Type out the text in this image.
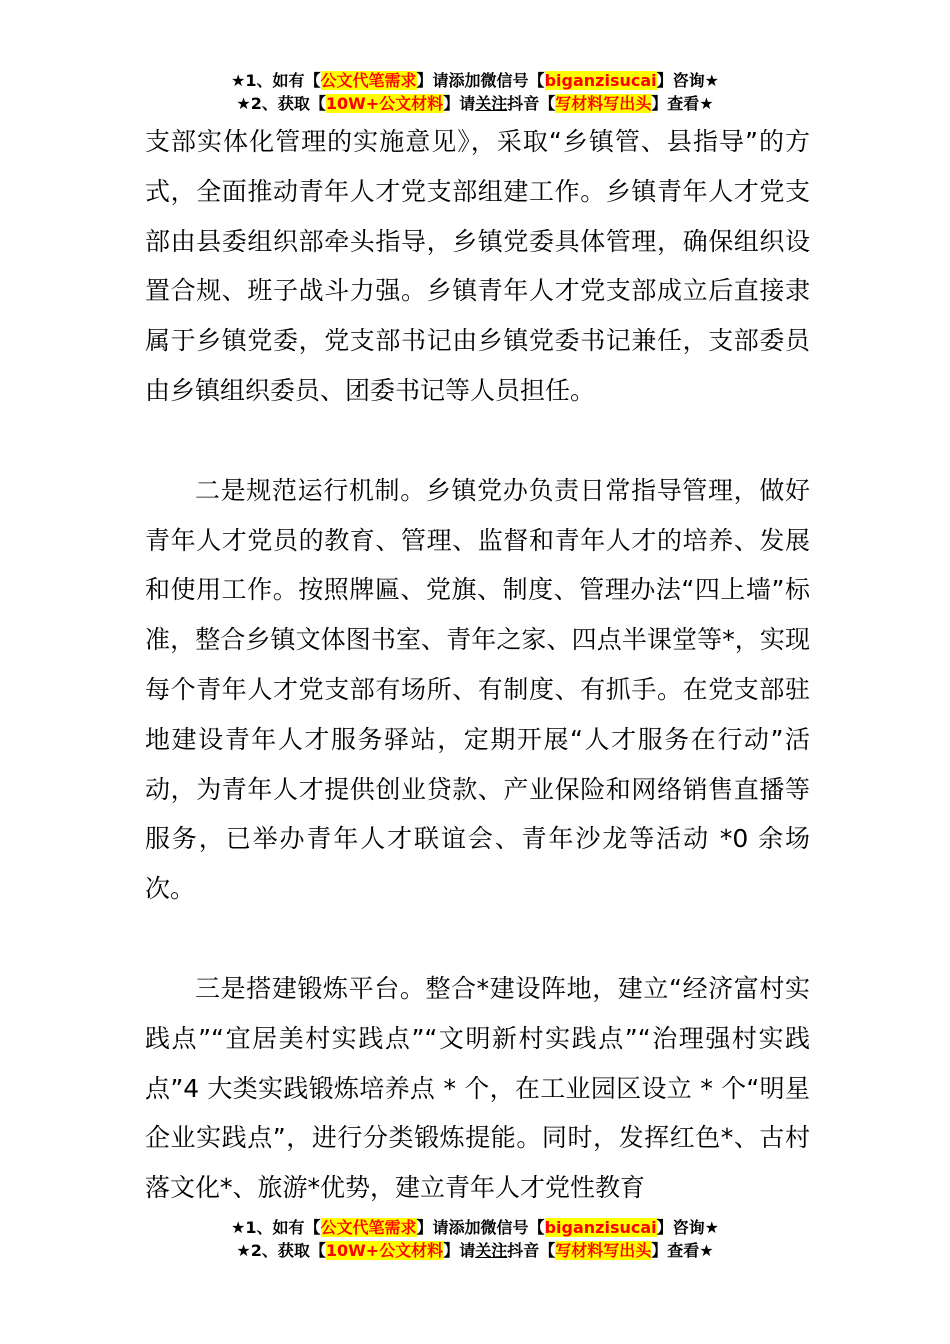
★1、如有【公文代笔需求】请添加微信号【biganzisucai】咨询★
★2、获取【10W+公文材料】请关注抖音【写材料写出头】查看★

支部实体化管理的实施意见》，采取“乡镇管、县指导”的方式，全面推动青年人才党支部组建工作。乡镇青年人才党支部由县委组织部牵头指导，乡镇党委具体管理，确保组织设置合规、班子战斗力强。乡镇青年人才党支部成立后直接隶属于乡镇党委，党支部书记由乡镇党委书记兼任，支部委员由乡镇组织委员、团委书记等人员担任。

二是规范运行机制。乡镇党办负责日常指导管理，做好青年人才党员的教育、管理、监督和青年人才的培养、发展和使用工作。按照牌匾、党旗、制度、管理办法“四上墙”标准，整合乡镇文体图书室、青年之家、四点半课堂等*，实现每个青年人才党支部有场所、有制度、有抓手。在党支部驻地建设青年人才服务驿站，定期开展“人才服务在行动”活动，为青年人才提供创业贷款、产业保险和网络销售直播等服务，已举办青年人才联谊会、青年沙龙等活动 *0 余场次。

三是搭建锻炼平台。整合*建设阵地，建立“经济富村实践点”“宜居美村实践点”“文明新村实践点”“治理强村实践点”4 大类实践锻炼培养点 * 个，在工业园区设立 * 个“明星企业实践点”，进行分类锻炼提能。同时，发挥红色*、古村落文化*、旅游*优势，建立青年人才党性教育

★1、如有【公文代笔需求】请添加微信号【biganzisucai】咨询★
★2、获取【10W+公文材料】请关注抖音【写材料写出头】查看★
